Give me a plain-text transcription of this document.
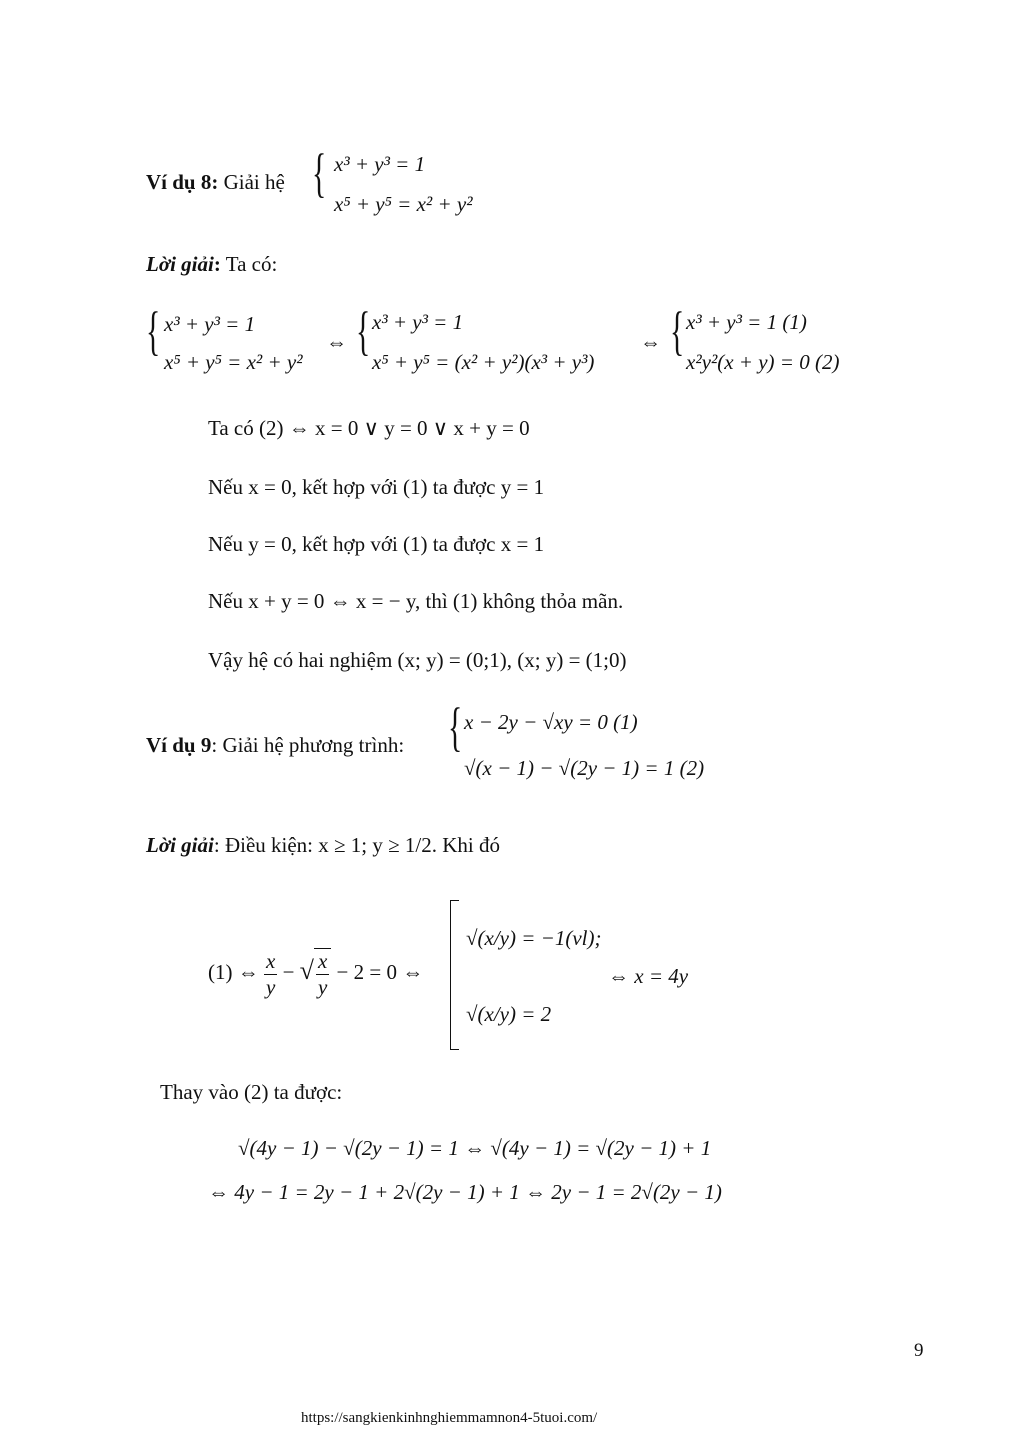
Ví dụ 8: Giải hệ { x³ + y³ = 1
x⁵ + y⁵ = x² + y²
Lời giải: Ta có:
{ x³ + y³ = 1
x⁵ + y⁵ = x² + y²
⇔ { x³ + y³ = 1
x⁵ + y⁵ = (x² + y²)(x³ + y³)
⇔ { x³ + y³ = 1 (1)
x²y²(x + y) = 0 (2)
Ta có (2) ⇔ x = 0 ∨ y = 0 ∨ x + y = 0
Nếu x = 0, kết hợp với (1) ta được y = 1
Nếu y = 0, kết hợp với (1) ta được x = 1
Nếu x + y = 0 ⇔ x = − y, thì (1) không thỏa mãn.
Vậy hệ có hai nghiệm (x; y) = (0;1), (x; y) = (1;0)
Ví dụ 9: Giải hệ phương trình: { x − 2y − √xy = 0 (1)
√(x − 1) − √(2y − 1) = 1 (2)
Lời giải: Điều kiện: x ≥ 1; y ≥ 1/2. Khi đó
(1) ⇔ $\frac{x}{y}$ − √ $\frac{x}{y} - 2 = 0$ ⇔
√(x/y) = −1(vl);
√(x/y) = 2
⇔ x = 4y
Thay vào (2) ta được:
√(4y − 1) − √(2y − 1) = 1 ⇔ √(4y − 1) = √(2y − 1) + 1
⇔ 4y − 1 = 2y − 1 + 2√(2y − 1) + 1 ⇔ 2y − 1 = 2√(2y − 1)
9
https://sangkienkinhnghiemmamnon4-5tuoi.com/
